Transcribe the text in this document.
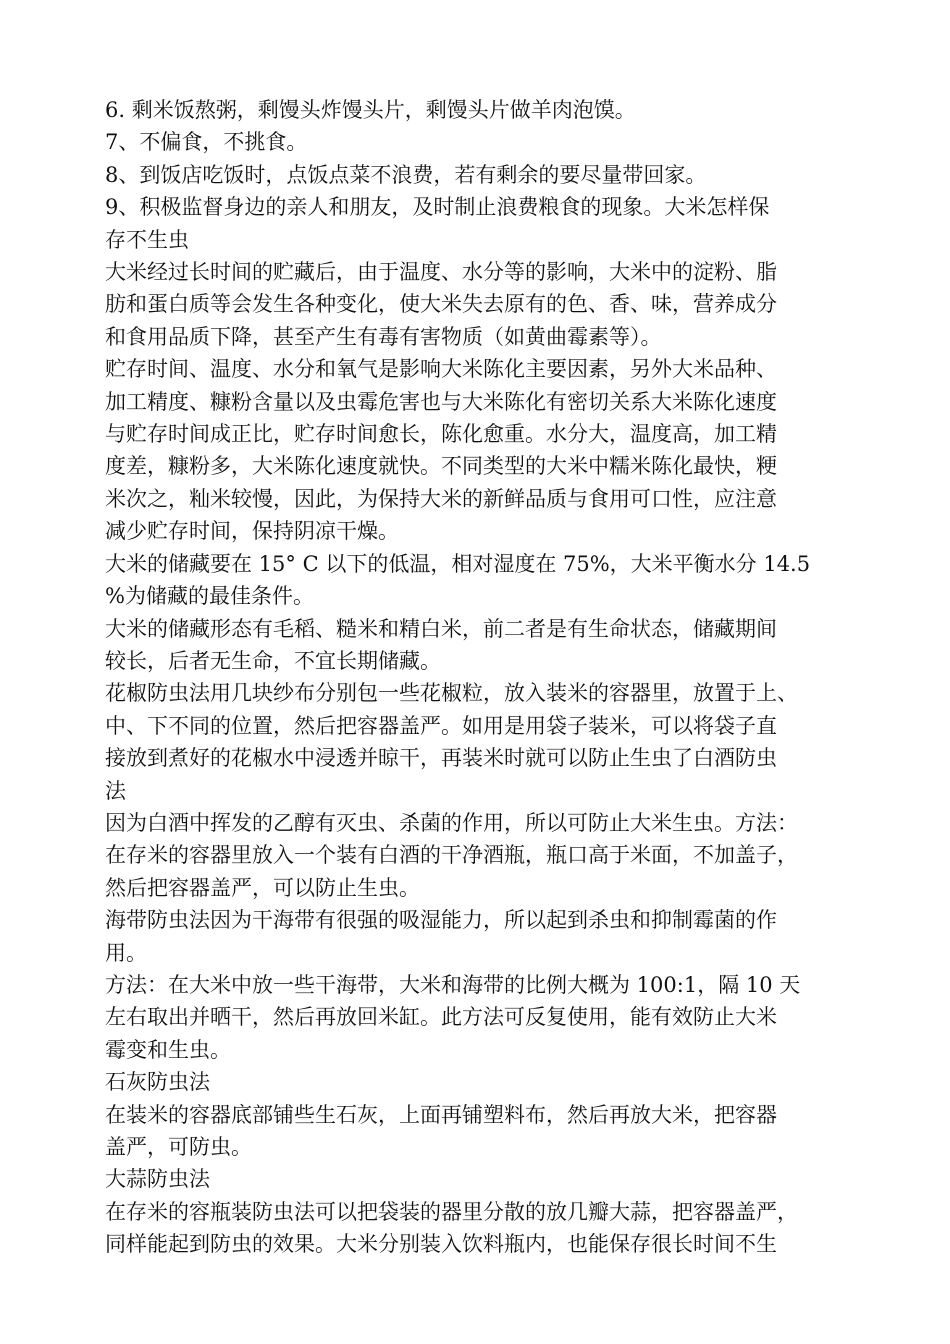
6. 剩米饭熬粥，剩馒头炸馒头片，剩馒头片做羊肉泡馍。

7、不偏食，不挑食。

8、到饭店吃饭时，点饭点菜不浪费，若有剩余的要尽量带回家。

9、积极监督身边的亲人和朋友，及时制止浪费粮食的现象。大米怎样保
存不生虫

大米经过长时间的贮藏后，由于温度、水分等的影响，大米中的淀粉、脂
肪和蛋白质等会发生各种变化，使大米失去原有的色、香、味，营养成分
和食用品质下降，甚至产生有毒有害物质（如黄曲霉素等）。

贮存时间、温度、水分和氧气是影响大米陈化主要因素，另外大米品种、
加工精度、糠粉含量以及虫霉危害也与大米陈化有密切关系大米陈化速度
与贮存时间成正比，贮存时间愈长，陈化愈重。水分大，温度高，加工精
度差，糠粉多，大米陈化速度就快。不同类型的大米中糯米陈化最快，粳
米次之，籼米较慢，因此，为保持大米的新鲜品质与食用可口性，应注意
减少贮存时间，保持阴凉干燥。

大米的储藏要在 15° C 以下的低温，相对湿度在 75%，大米平衡水分 14.5
%为储藏的最佳条件。

大米的储藏形态有毛稻、糙米和精白米，前二者是有生命状态，储藏期间
较长，后者无生命，不宜长期储藏。

花椒防虫法用几块纱布分别包一些花椒粒，放入装米的容器里，放置于上、
中、下不同的位置，然后把容器盖严。如用是用袋子装米，可以将袋子直
接放到煮好的花椒水中浸透并晾干，再装米时就可以防止生虫了白酒防虫
法

因为白酒中挥发的乙醇有灭虫、杀菌的作用，所以可防止大米生虫。方法：
在存米的容器里放入一个装有白酒的干净酒瓶，瓶口高于米面，不加盖子，
然后把容器盖严，可以防止生虫。

海带防虫法因为干海带有很强的吸湿能力，所以起到杀虫和抑制霉菌的作
用。

方法：在大米中放一些干海带，大米和海带的比例大概为 100:1，隔 10 天
左右取出并晒干，然后再放回米缸。此方法可反复使用，能有效防止大米
霉变和生虫。

石灰防虫法

在装米的容器底部铺些生石灰，上面再铺塑料布，然后再放大米，把容器
盖严，可防虫。

大蒜防虫法

在存米的容瓶装防虫法可以把袋装的器里分散的放几瓣大蒜，把容器盖严，
同样能起到防虫的效果。大米分别装入饮料瓶内，也能保存很长时间不生
